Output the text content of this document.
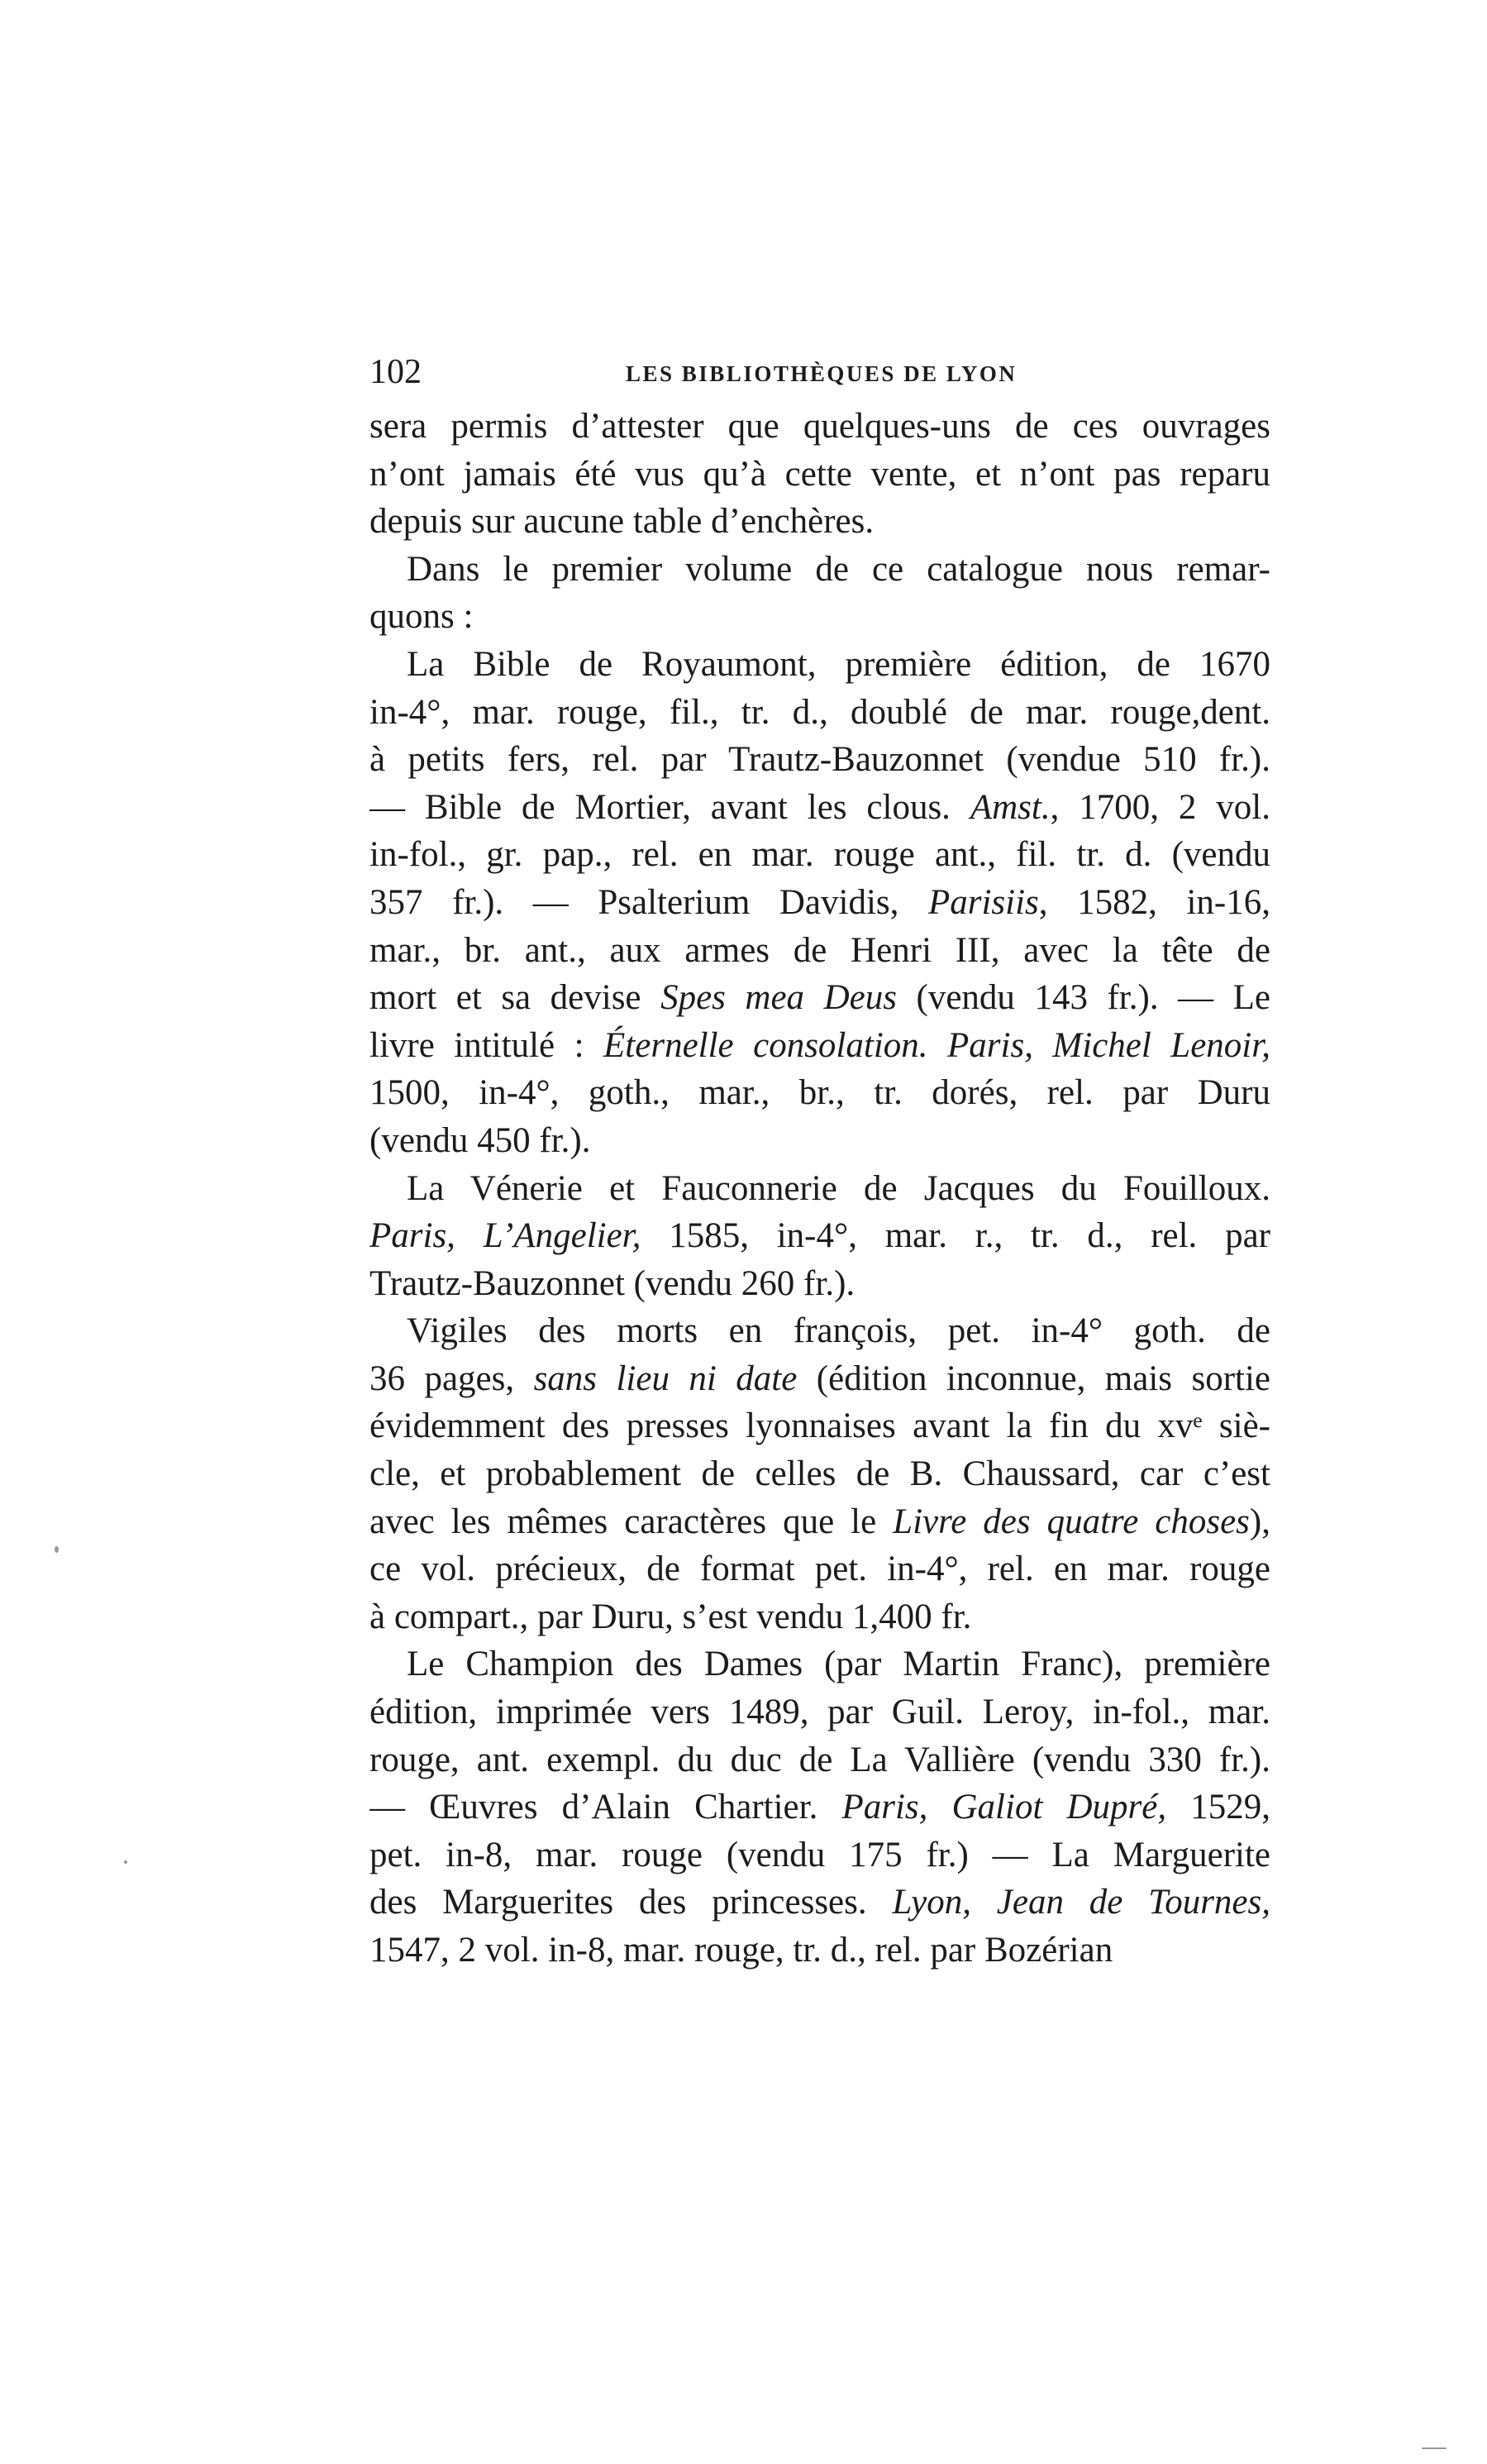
102	LES BIBLIOTHÈQUES DE LYON
sera permis d’attester que quelques-uns de ces ouvrages
n’ont jamais été vus qu’à cette vente, et n’ont pas reparu
depuis sur aucune table d’enchères.
Dans le premier volume de ce catalogue nous remar-
quons :
La Bible de Royaumont, première édition, de 1670
in-4°, mar. rouge, fil., tr. d., doublé de mar. rouge,dent.
à petits fers, rel. par Trautz-Bauzonnet (vendue 510 fr.).
— Bible de Mortier, avant les clous. Amst., 1700, 2 vol.
in-fol., gr. pap., rel. en mar. rouge ant., fil. tr. d. (vendu
357 fr.). — Psalterium Davidis, Parisiis, 1582, in-16,
mar., br. ant., aux armes de Henri III, avec la tête de
mort et sa devise Spes mea Deus (vendu 143 fr.). — Le
livre intitulé : Éternelle consolation. Paris, Michel Lenoir,
1500, in-4°, goth., mar., br., tr. dorés, rel. par Duru
(vendu 450 fr.).
La Vénerie et Fauconnerie de Jacques du Fouilloux.
Paris, L’Angelier, 1585, in-4°, mar. r., tr. d., rel. par
Trautz-Bauzonnet (vendu 260 fr.).
Vigiles des morts en françois, pet. in-4° goth. de
36 pages, sans lieu ni date (édition inconnue, mais sortie
évidemment des presses lyonnaises avant la fin du xvᵉ siè-
cle, et probablement de celles de B. Chaussard, car c’est
avec les mêmes caractères que le Livre des quatre choses),
ce vol. précieux, de format pet. in-4°, rel. en mar. rouge
à compart., par Duru, s’est vendu 1,400 fr.
Le Champion des Dames (par Martin Franc), première
édition, imprimée vers 1489, par Guil. Leroy, in-fol., mar.
rouge, ant. exempl. du duc de La Vallière (vendu 330 fr.).
— Œuvres d’Alain Chartier. Paris, Galiot Dupré, 1529,
pet. in-8, mar. rouge (vendu 175 fr.) — La Marguerite
des Marguerites des princesses. Lyon, Jean de Tournes,
1547, 2 vol. in-8, mar. rouge, tr. d., rel. par Bozérian
